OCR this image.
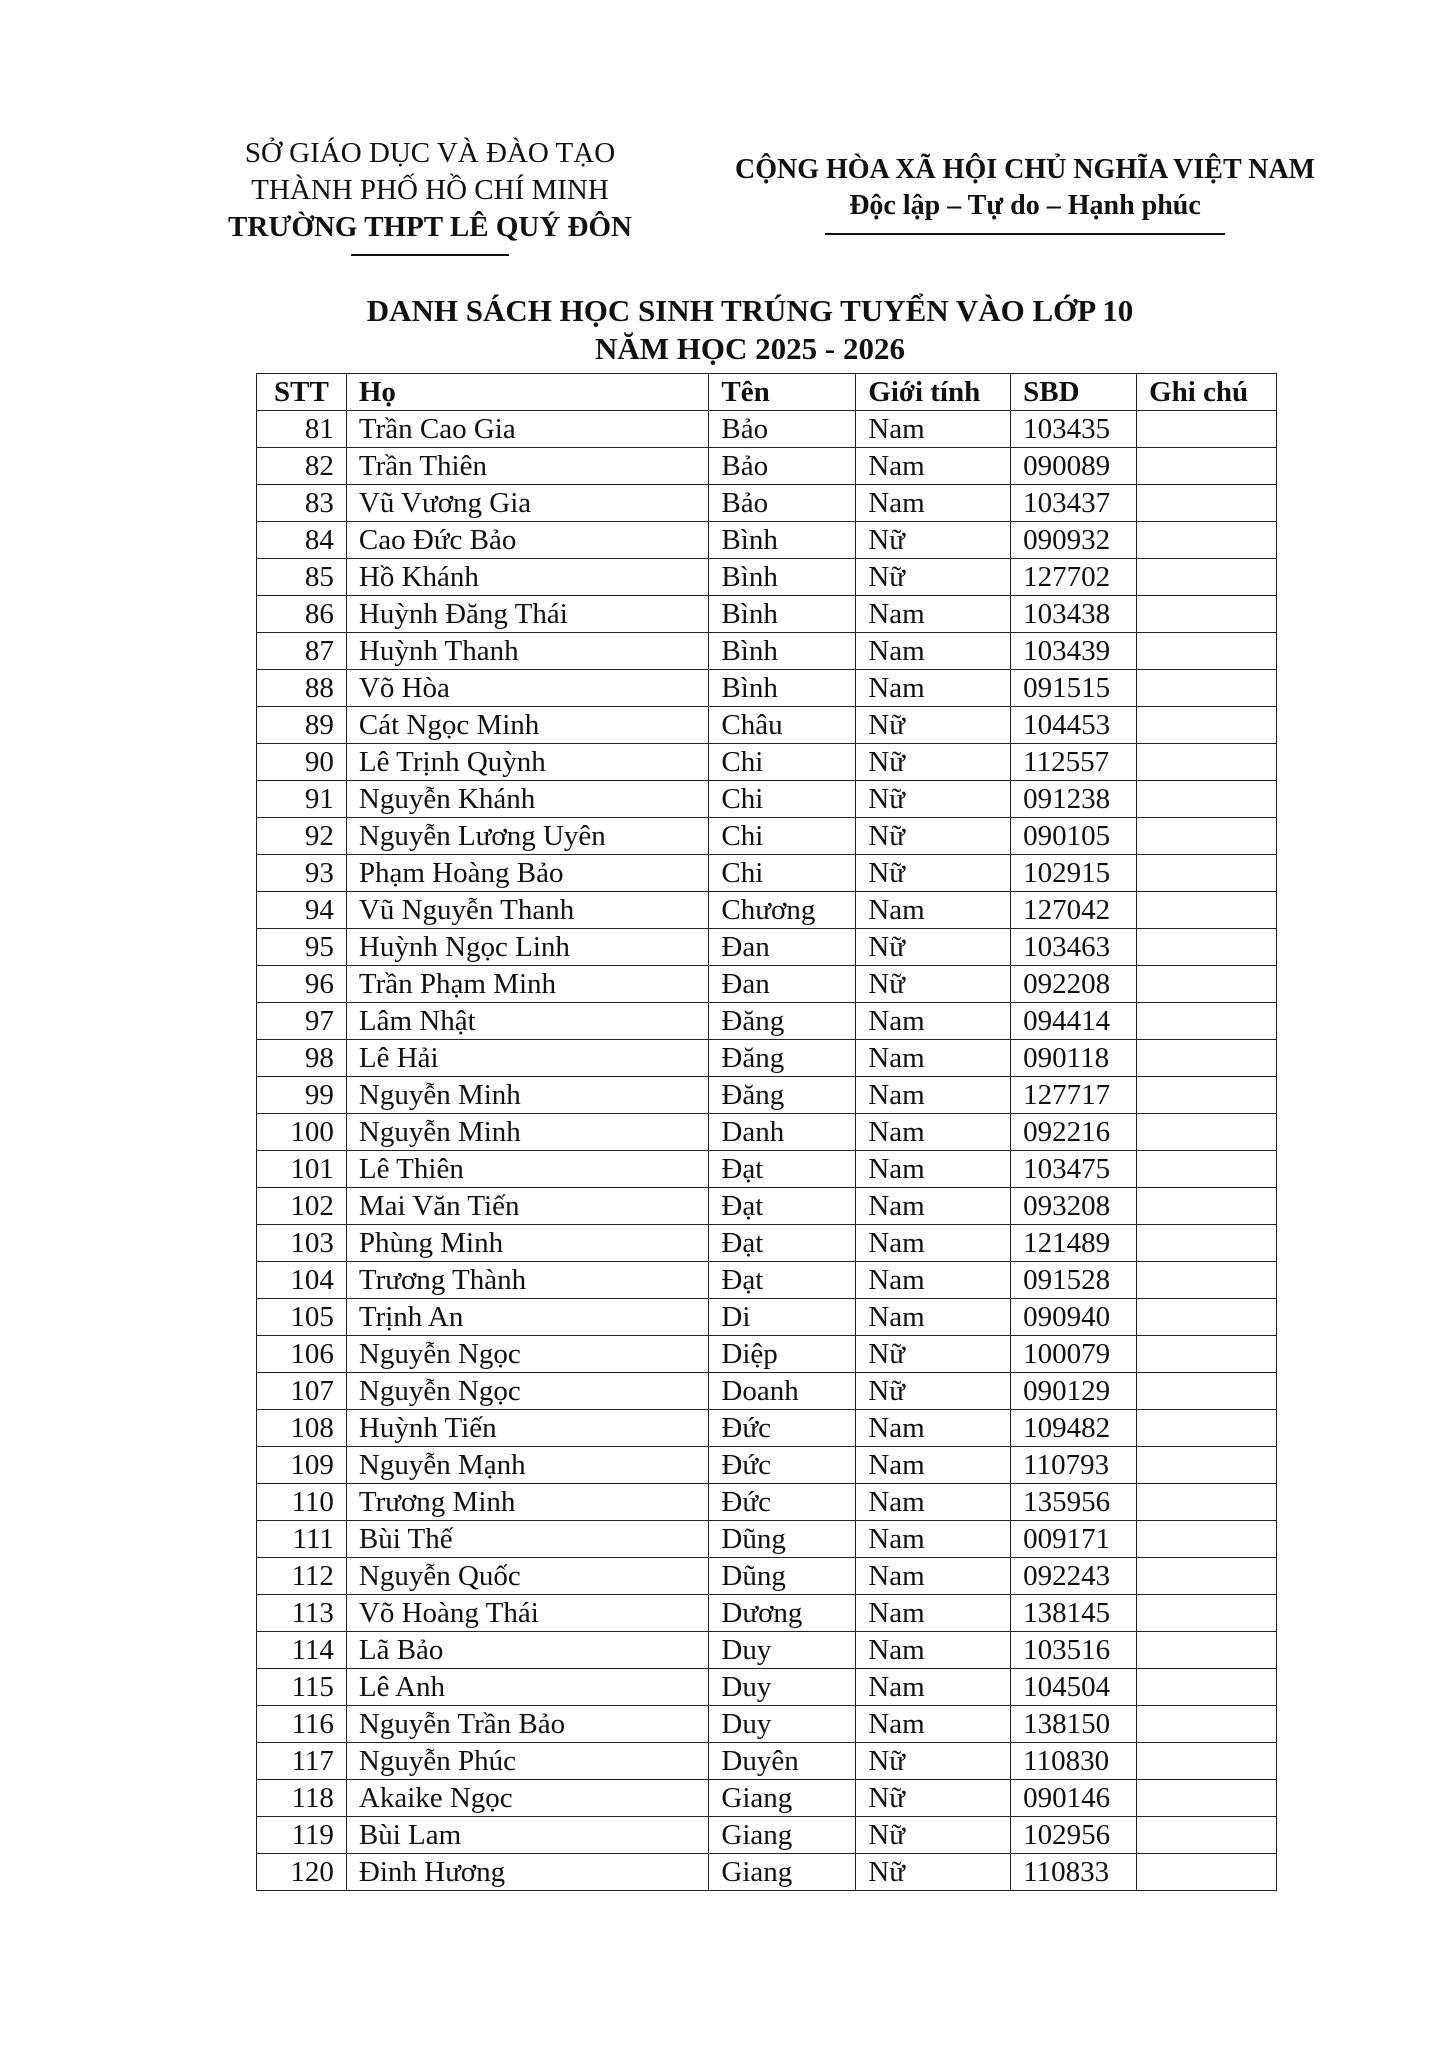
SỞ GIÁO DỤC VÀ ĐÀO TẠO
THÀNH PHỐ HỒ CHÍ MINH
TRƯỜNG THPT LÊ QUÝ ĐÔN
CỘNG HÒA XÃ HỘI CHỦ NGHĨA VIỆT NAM
Độc lập – Tự do – Hạnh phúc
DANH SÁCH HỌC SINH TRÚNG TUYỂN VÀO LỚP 10
NĂM HỌC 2025 - 2026
STT	Họ	Tên	Giới tính	SBD	Ghi chú
81	Trần Cao Gia	Bảo	Nam	103435	
82	Trần Thiên	Bảo	Nam	090089	
83	Vũ Vương Gia	Bảo	Nam	103437	
84	Cao Đức Bảo	Bình	Nữ	090932	
85	Hồ Khánh	Bình	Nữ	127702	
86	Huỳnh Đăng Thái	Bình	Nam	103438	
87	Huỳnh Thanh	Bình	Nam	103439	
88	Võ Hòa	Bình	Nam	091515	
89	Cát Ngọc Minh	Châu	Nữ	104453	
90	Lê Trịnh Quỳnh	Chi	Nữ	112557	
91	Nguyễn Khánh	Chi	Nữ	091238	
92	Nguyễn Lương Uyên	Chi	Nữ	090105	
93	Phạm Hoàng Bảo	Chi	Nữ	102915	
94	Vũ Nguyễn Thanh	Chương	Nam	127042	
95	Huỳnh Ngọc Linh	Đan	Nữ	103463	
96	Trần Phạm Minh	Đan	Nữ	092208	
97	Lâm Nhật	Đăng	Nam	094414	
98	Lê Hải	Đăng	Nam	090118	
99	Nguyễn Minh	Đăng	Nam	127717	
100	Nguyễn Minh	Danh	Nam	092216	
101	Lê Thiên	Đạt	Nam	103475	
102	Mai Văn Tiến	Đạt	Nam	093208	
103	Phùng Minh	Đạt	Nam	121489	
104	Trương Thành	Đạt	Nam	091528	
105	Trịnh An	Di	Nam	090940	
106	Nguyễn Ngọc	Diệp	Nữ	100079	
107	Nguyễn Ngọc	Doanh	Nữ	090129	
108	Huỳnh Tiến	Đức	Nam	109482	
109	Nguyễn Mạnh	Đức	Nam	110793	
110	Trương Minh	Đức	Nam	135956	
111	Bùi Thế	Dũng	Nam	009171	
112	Nguyễn Quốc	Dũng	Nam	092243	
113	Võ Hoàng Thái	Dương	Nam	138145	
114	Lã Bảo	Duy	Nam	103516	
115	Lê Anh	Duy	Nam	104504	
116	Nguyễn Trần Bảo	Duy	Nam	138150	
117	Nguyễn Phúc	Duyên	Nữ	110830	
118	Akaike Ngọc	Giang	Nữ	090146	
119	Bùi Lam	Giang	Nữ	102956	
120	Đinh Hương	Giang	Nữ	110833	
